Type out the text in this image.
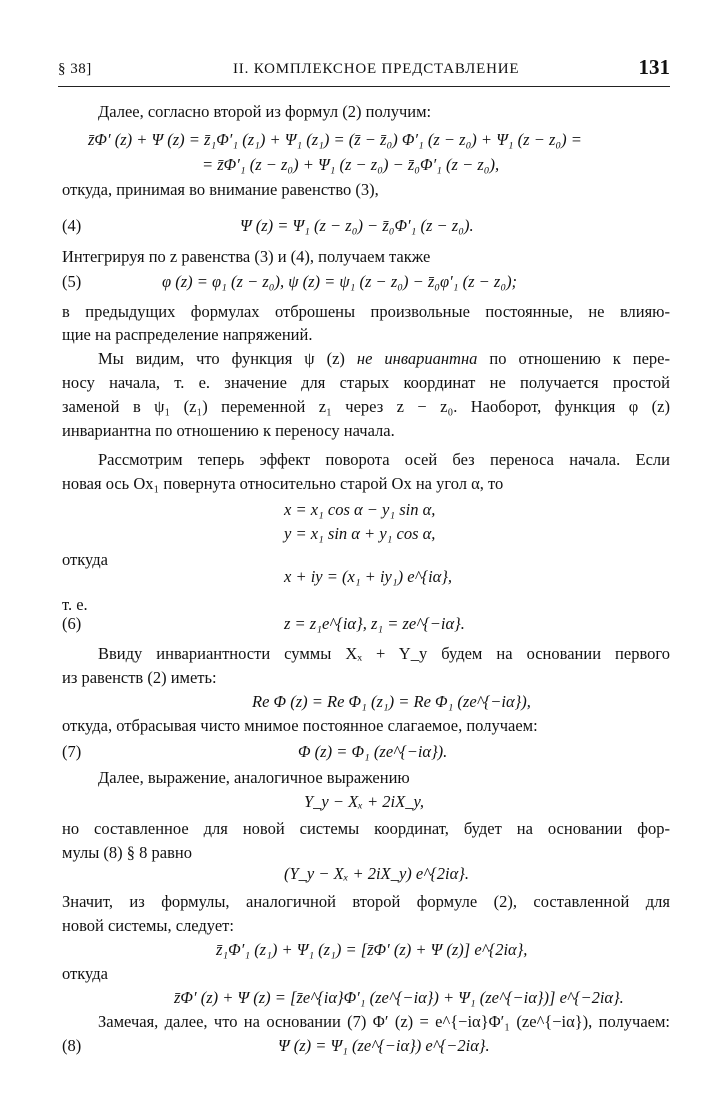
§ 38]	II. КОМПЛЕКСНОЕ ПРЕДСТАВЛЕНИЕ	131
Далее, согласно второй из формул (2) получим:
z̄Φ′ (z) + Ψ (z) = z̄₁Φ′₁ (z₁) + Ψ₁ (z₁) = (z̄ − z̄₀) Φ′₁ (z − z₀) + Ψ₁ (z − z₀) =
= z̄Φ′₁ (z − z₀) + Ψ₁ (z − z₀) − z̄₀Φ′₁ (z − z₀),
откуда, принимая во внимание равенство (3),
Ψ (z) = Ψ₁ (z − z₀) − z̄₀Φ′₁ (z − z₀).
(4)
Интегрируя по z равенства (3) и (4), получаем также
φ (z) = φ₁ (z − z₀), ψ (z) = ψ₁ (z − z₀) − z̄₀φ′₁ (z − z₀);
(5)
в предыдущих формулах отброшены произвольные постоянные, не влияю-
щие на распределение напряжений.
Мы видим, что функция ψ (z) не инвариантна по отношению к пере-
носу начала, т. е. значение для старых координат не получается простой
заменой в ψ₁ (z₁) переменной z₁ через z − z₀. Наоборот, функция φ (z)
инвариантна по отношению к переносу начала.
Рассмотрим теперь эффект поворота осей без переноса начала. Если
новая ось Ox₁ повернута относительно старой Ox на угол α, то
x = x₁ cos α − y₁ sin α,
y = x₁ sin α + y₁ cos α,
откуда
x + iy = (x₁ + iy₁) e^{iα},
т. е.
z = z₁e^{iα}, z₁ = ze^{−iα}.
(6)
Ввиду инвариантности суммы Xₓ + Y_y будем на основании первого
из равенств (2) иметь:
Re Φ (z) = Re Φ₁ (z₁) = Re Φ₁ (ze^{−iα}),
откуда, отбрасывая чисто мнимое постоянное слагаемое, получаем:
Φ (z) = Φ₁ (ze^{−iα}).
(7)
Далее, выражение, аналогичное выражению
Y_y − Xₓ + 2iX_y,
но составленное для новой системы координат, будет на основании фор-
мулы (8) § 8 равно
(Y_y − Xₓ + 2iX_y) e^{2iα}.
Значит, из формулы, аналогичной второй формуле (2), составленной для
новой системы, следует:
z̄₁Φ′₁ (z₁) + Ψ₁ (z₁) = [z̄Φ′ (z) + Ψ (z)] e^{2iα},
откуда
z̄Φ′ (z) + Ψ (z) = [z̄e^{iα}Φ′₁ (ze^{−iα}) + Ψ₁ (ze^{−iα})] e^{−2iα}.
Замечая, далее, что на основании (7) Φ′ (z) = e^{−iα}Φ′₁ (ze^{−iα}), получаем:
Ψ (z) = Ψ₁ (ze^{−iα}) e^{−2iα}.
(8)
